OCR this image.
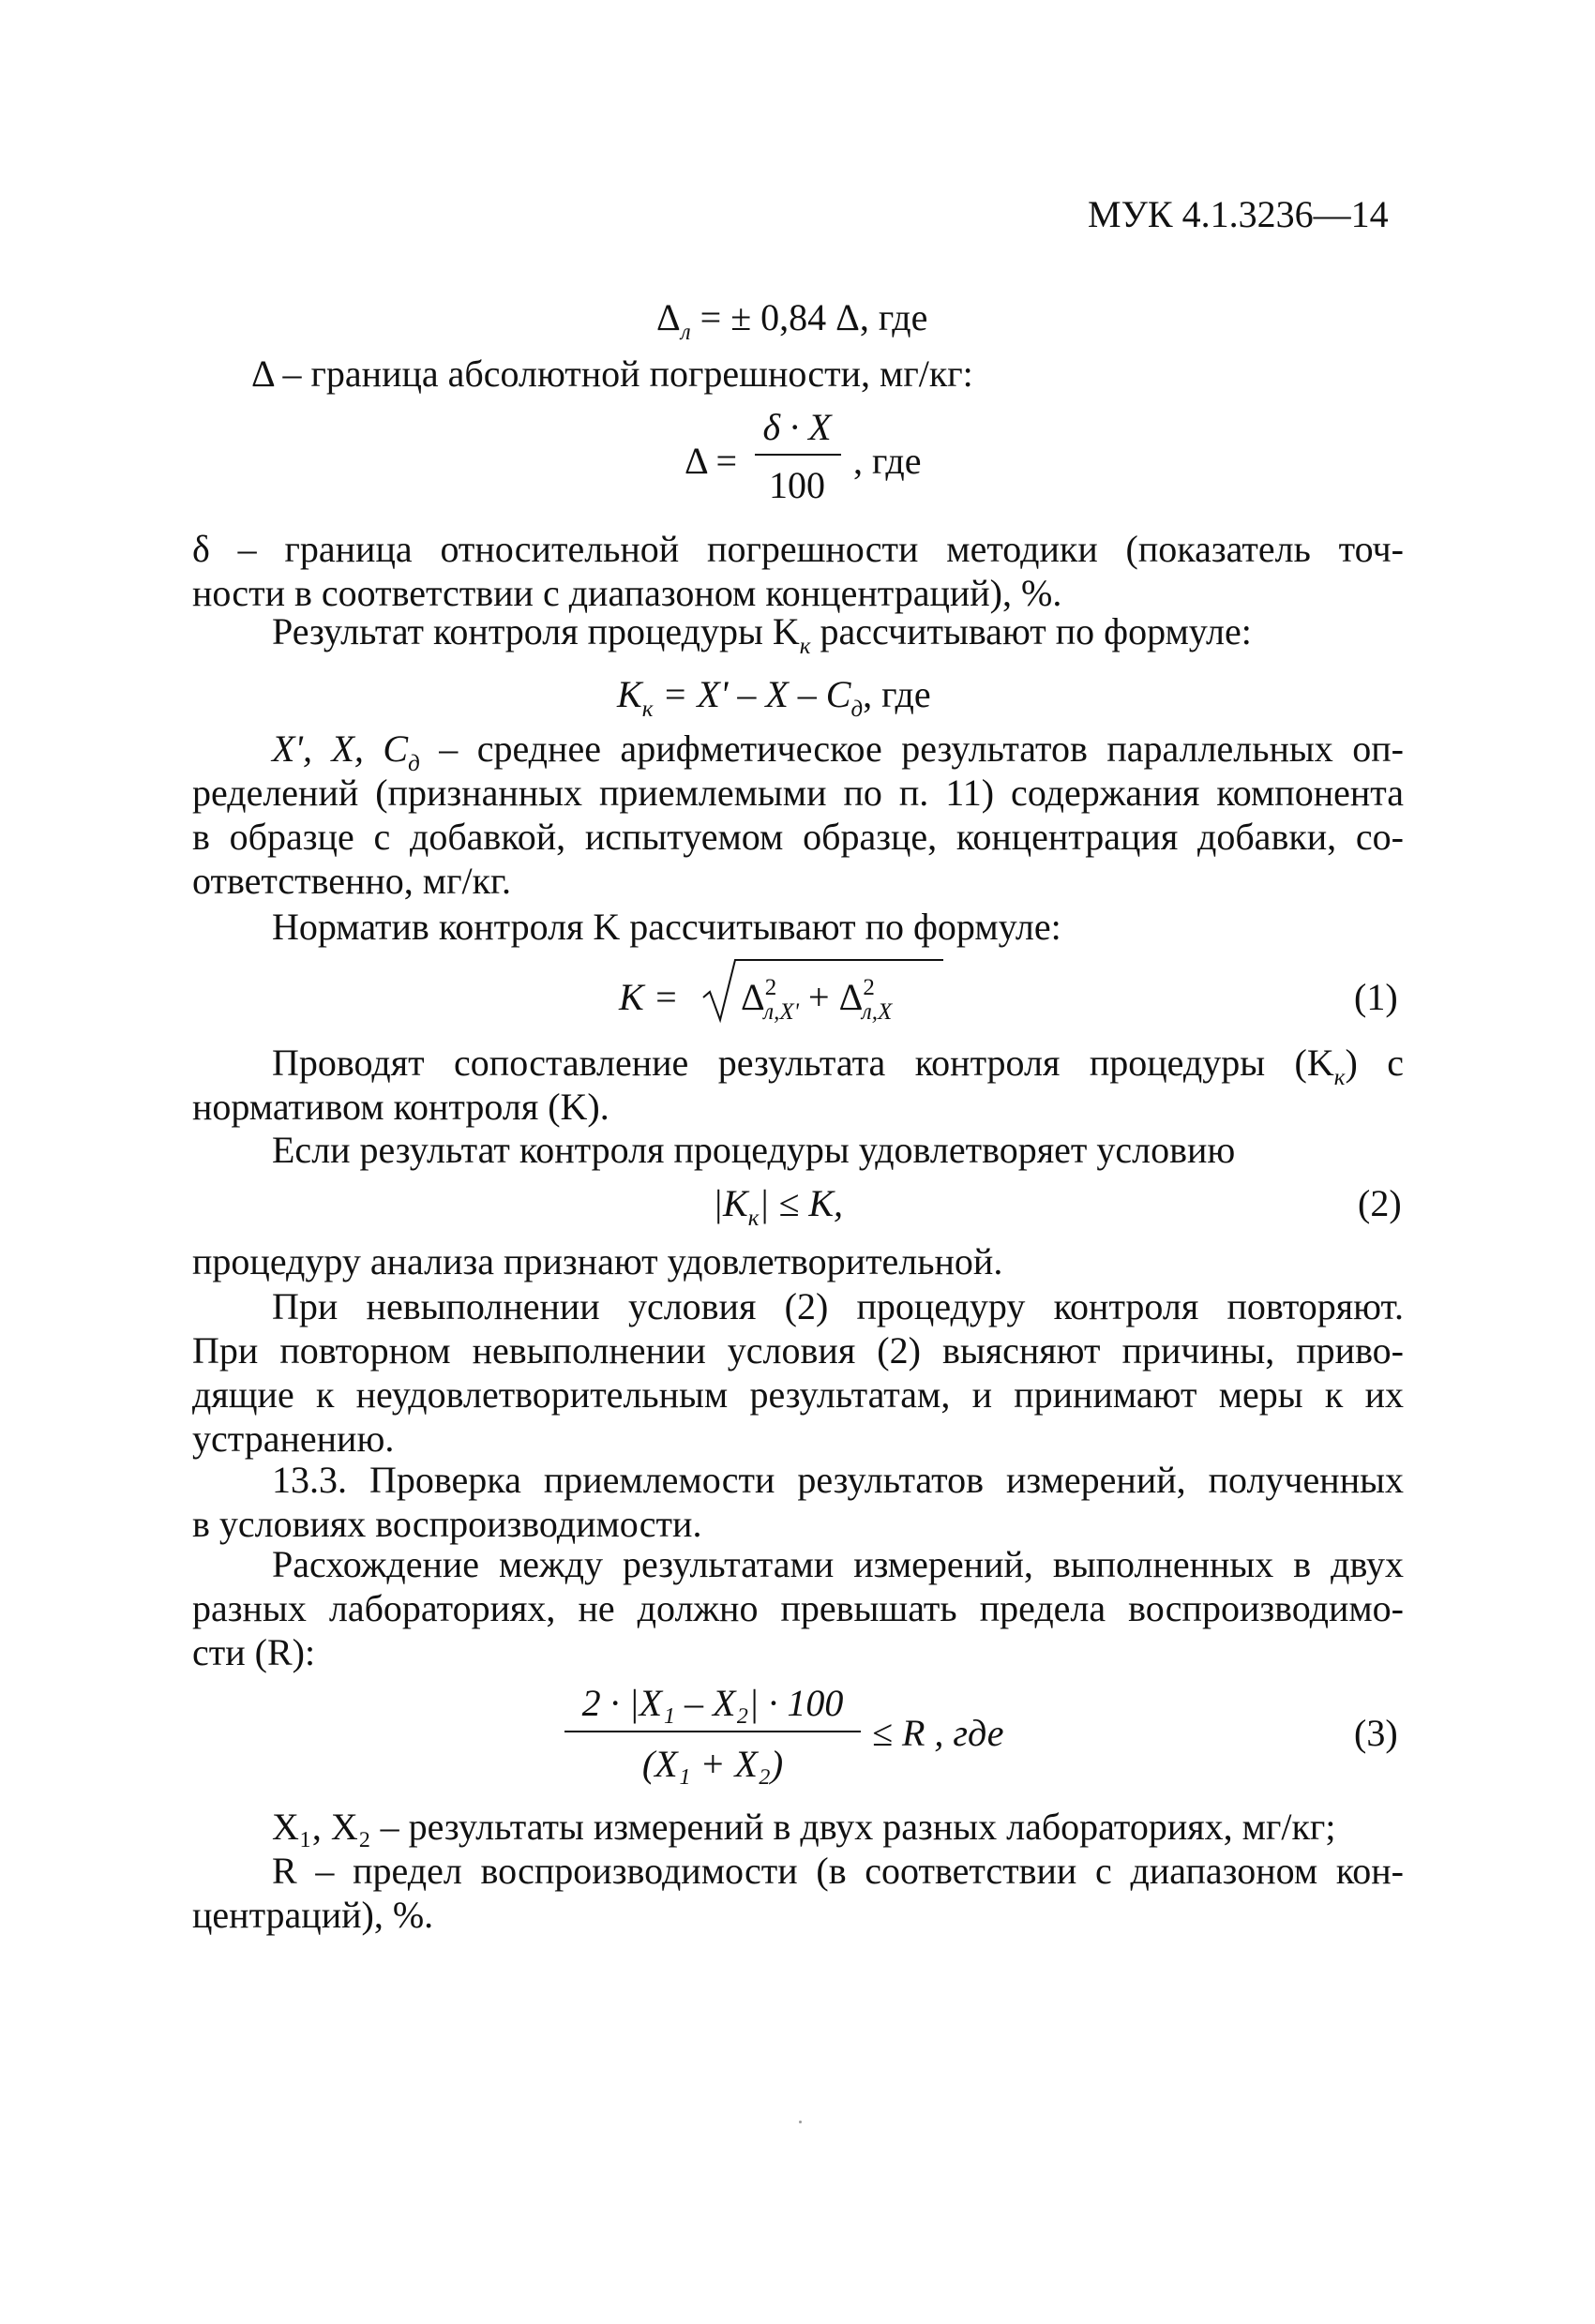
МУК 4.1.3236—14
$\Delta_л$ = ± 0,84 Δ, где
Δ – граница абсолютной погрешности, мг/кг:
Δ =
δ · X
100
, где
δ – граница относительной погрешности методики (показатель точ-
ности в соответствии с диапазоном концентраций), %.
Результат контроля процедуры $K_к$ рассчитывают по формуле:
$K_к = X' - X - C_д$, где
X', X, $C_д$ – среднее арифметическое результатов параллельных оп-
ределений (признанных приемлемыми по п. 11) содержания компонента
в образце с добавкой, испытуемом образце, концентрация добавки, со-
ответственно, мг/кг.
Норматив контроля K рассчитывают по формуле:
$K = \Delta^2_{л,X'} + \Delta^2_{л,X}$	(1)
Проводят сопоставление результата контроля процедуры $(K_к)$ с
нормативом контроля (K).
Если результат контроля процедуры удовлетворяет условию
$|K_к| \le K$,	(2)
процедуру анализа признают удовлетворительной.
При невыполнении условия (2) процедуру контроля повторяют.
При повторном невыполнении условия (2) выясняют причины, приво-
дящие к неудовлетворительным результатам, и принимают меры к их
устранению.
13.3. Проверка приемлемости результатов измерений, полученных
в условиях воспроизводимости.
Расхождение между результатами измерений, выполненных в двух
разных лабораториях, не должно превышать предела воспроизводимо-
сти (R):
2 · |X₁ – X₂| · 100
(X₁ + X₂)
≤ R , где	(3)
X₁, X₂ – результаты измерений в двух разных лабораториях, мг/кг;
R – предел воспроизводимости (в соответствии с диапазоном кон-
центраций), %.
